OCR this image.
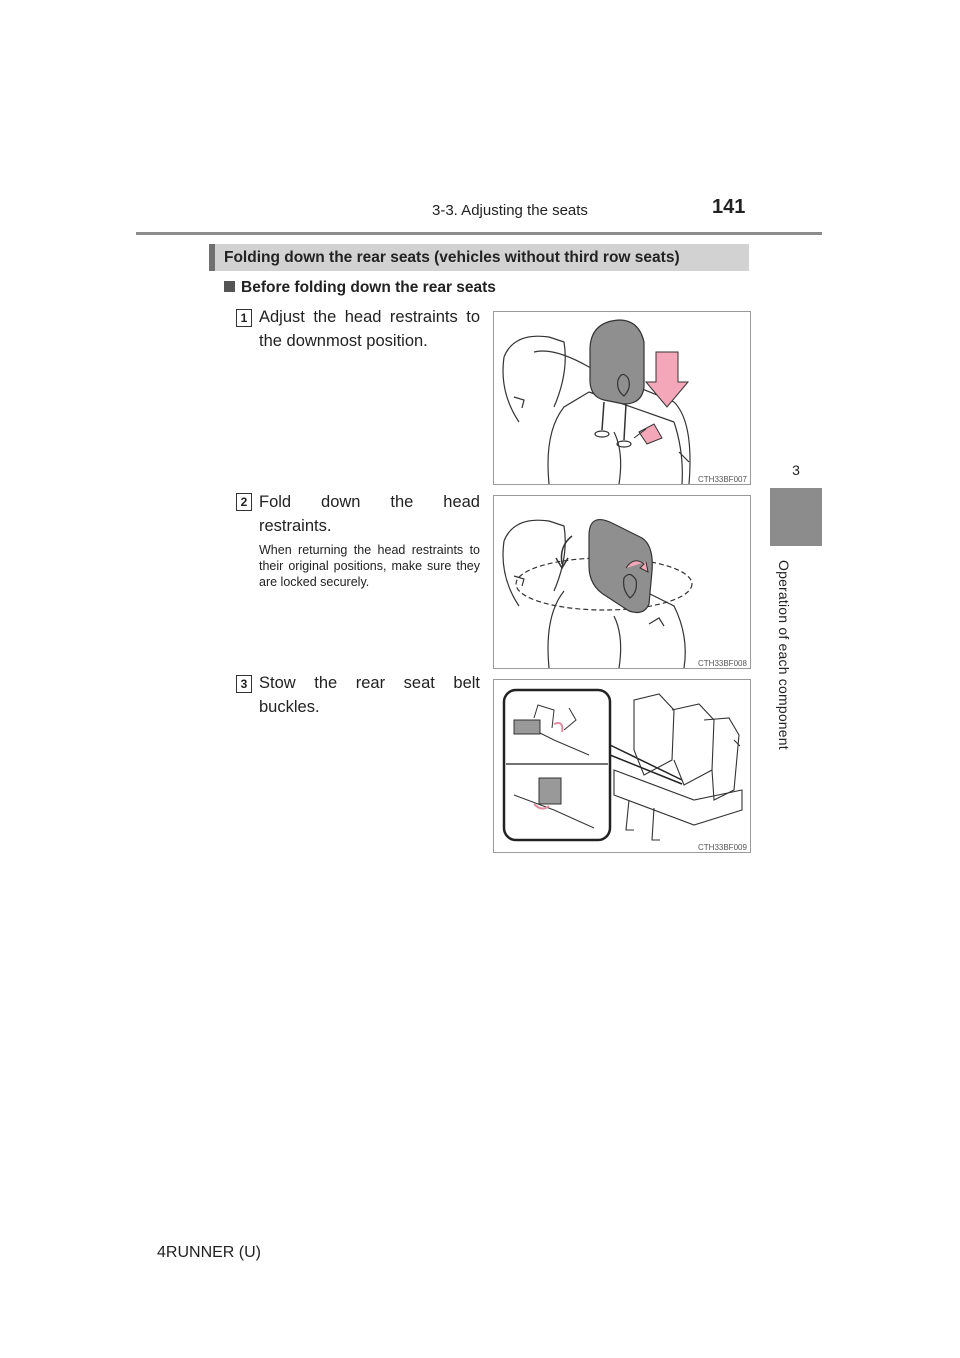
3-3. Adjusting the seats	141
3
Operation of each component
Folding down the rear seats (vehicles without third row seats)
Before folding down the rear seats
1 Adjust the head restraints to the downmost position.
CTH33BF007
2 Fold down the head restraints.
When returning the head restraints to their original positions, make sure they are locked securely.
CTH33BF008
3 Stow the rear seat belt buckles.
CTH33BF009
4RUNNER (U)
